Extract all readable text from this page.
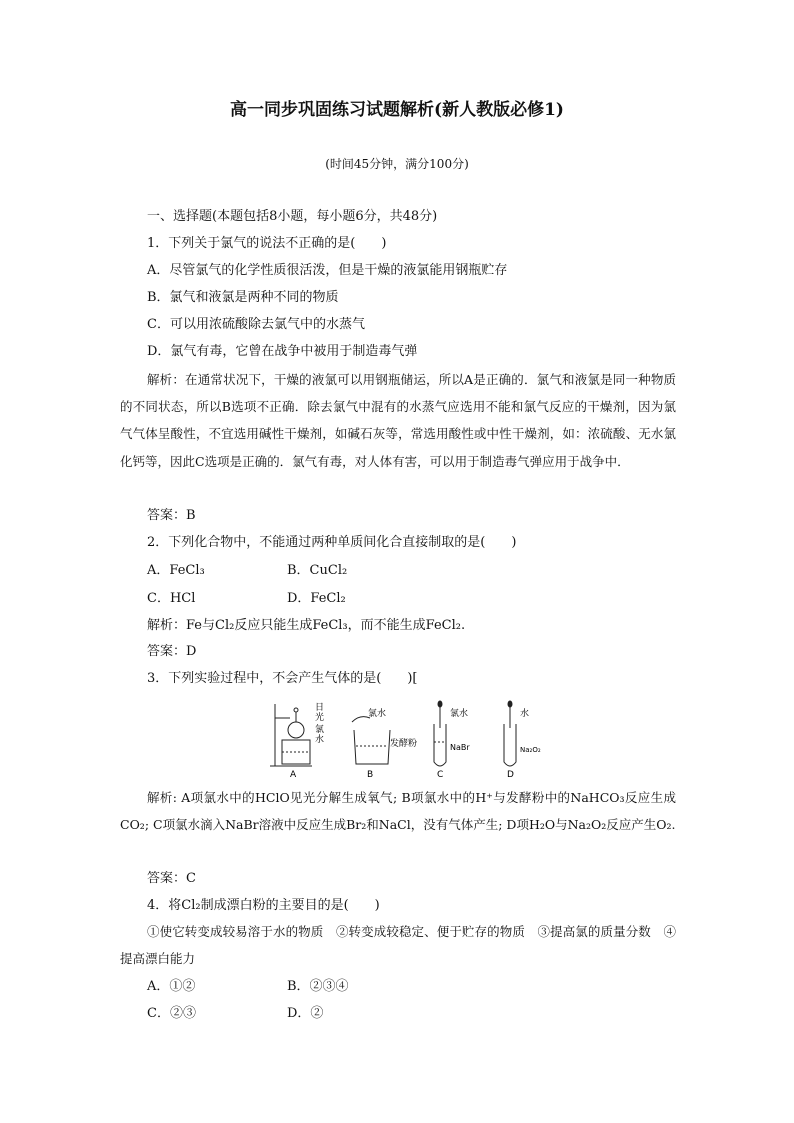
高一同步巩固练习试题解析(新人教版必修1)
(时间45分钟，满分100分)
一、选择题(本题包括8小题，每小题6分，共48分)
1．下列关于氯气的说法不正确的是(　　)
A．尽管氯气的化学性质很活泼，但是干燥的液氯能用钢瓶贮存
B．氯气和液氯是两种不同的物质
C．可以用浓硫酸除去氯气中的水蒸气
D．氯气有毒，它曾在战争中被用于制造毒气弹
解析：在通常状况下，干燥的液氯可以用钢瓶储运，所以A是正确的．氯气和液氯是同一种物质的不同状态，所以B选项不正确．除去氯气中混有的水蒸气应选用不能和氯气反应的干燥剂，因为氯气气体呈酸性，不宜选用碱性干燥剂，如碱石灰等，常选用酸性或中性干燥剂，如：浓硫酸、无水氯化钙等，因此C选项是正确的．氯气有毒，对人体有害，可以用于制造毒气弹应用于战争中．
答案：B
2．下列化合物中，不能通过两种单质间化合直接制取的是(　　)
A．FeCl₃	B．CuCl₂
C．HCl	D．FeCl₂
解析：Fe与Cl₂反应只能生成FeCl₃，而不能生成FeCl₂.
答案：D
3．下列实验过程中，不会产生气体的是(　　)[
日
光
氯
水
A
氯水
发酵粉
B
氯水
NaBr
C
水
Na₂O₂
D
解析: A项氯水中的HClO见光分解生成氧气; B项氯水中的H⁺与发酵粉中的NaHCO₃反应生成CO₂; C项氯水滴入NaBr溶液中反应生成Br₂和NaCl，没有气体产生; D项H₂O与Na₂O₂反应产生O₂.
答案：C
4．将Cl₂制成漂白粉的主要目的是(　　)
①使它转变成较易溶于水的物质　②转变成较稳定、便于贮存的物质　③提高氯的质量分数　④提高漂白能力
A．①②	B．②③④
C．②③	D．②
